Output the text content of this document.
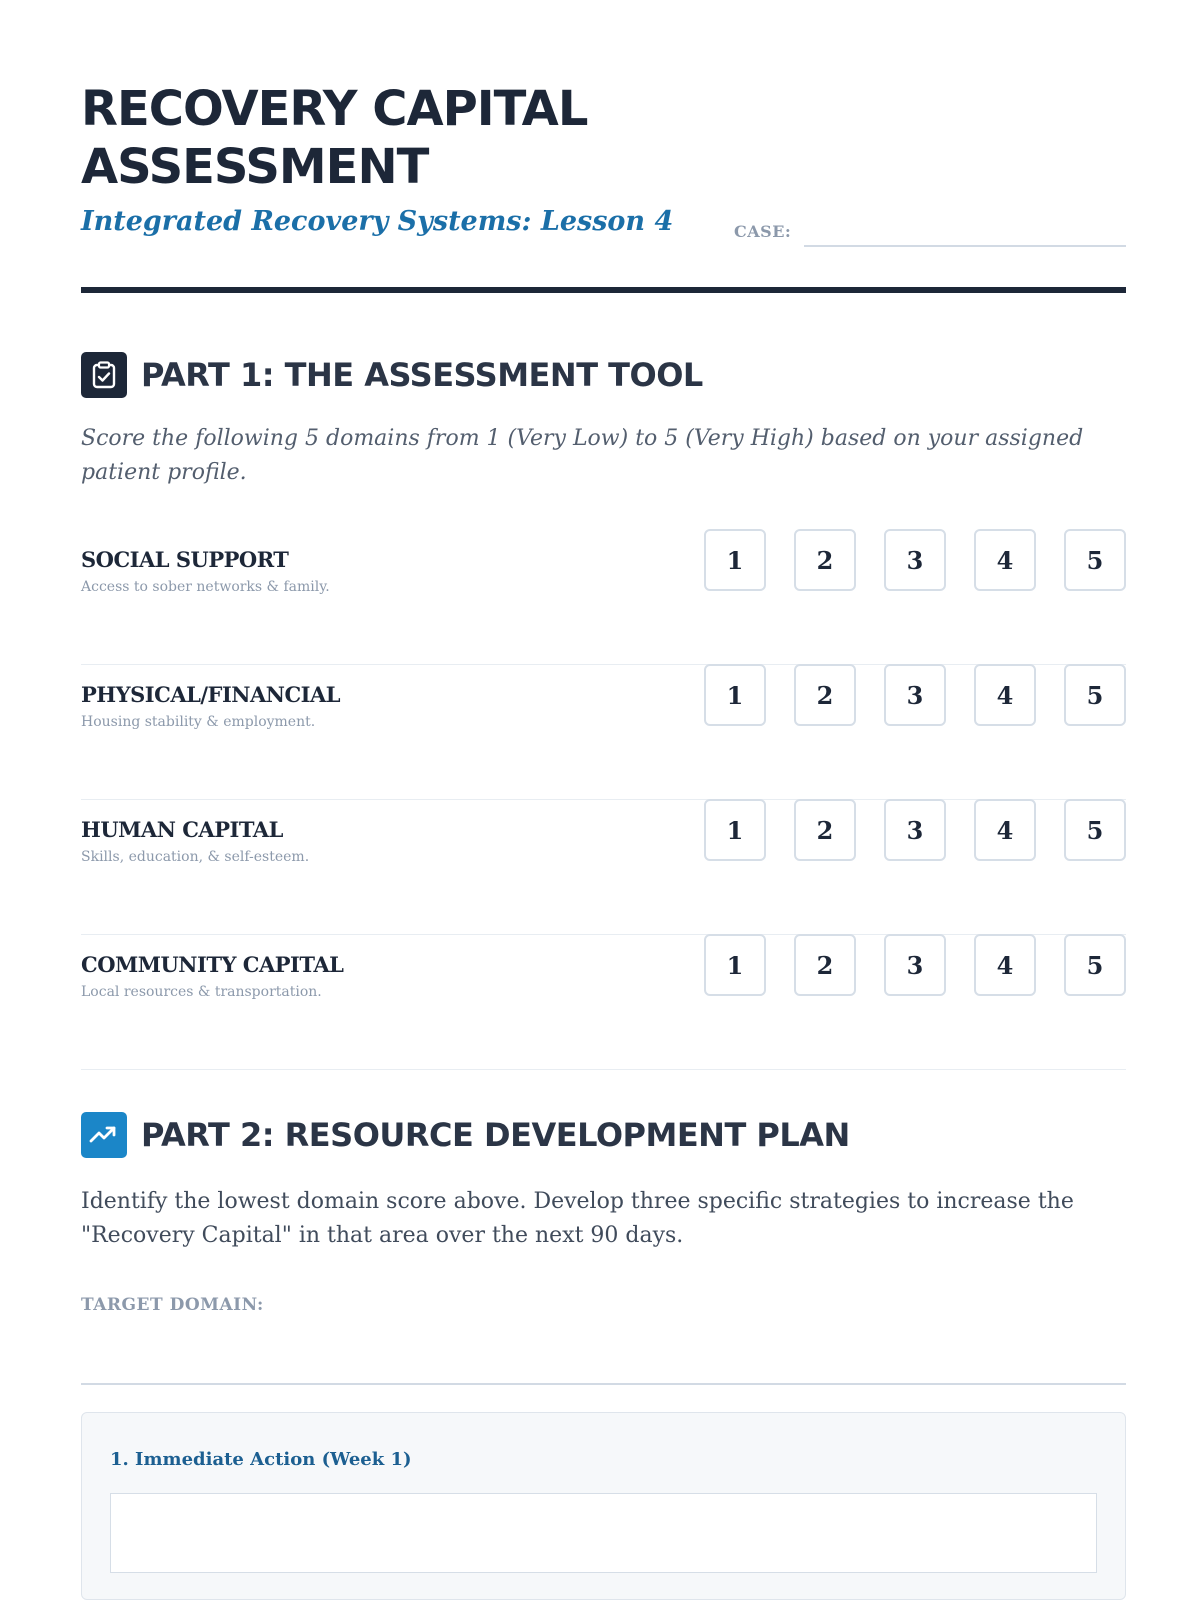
RECOVERY CAPITAL
ASSESSMENT
Integrated Recovery Systems: Lesson 4	CASE:
PART 1: THE ASSESSMENT TOOL
Score the following 5 domains from 1 (Very Low) to 5 (Very High) based on your assigned patient profile.
SOCIAL SUPPORT
Access to sober networks & family.
1	2	3	4	5
PHYSICAL/FINANCIAL
Housing stability & employment.
1	2	3	4	5
HUMAN CAPITAL
Skills, education, & self-esteem.
1	2	3	4	5
COMMUNITY CAPITAL
Local resources & transportation.
1	2	3	4	5
PART 2: RESOURCE DEVELOPMENT PLAN
Identify the lowest domain score above. Develop three specific strategies to increase the "Recovery Capital" in that area over the next 90 days.
TARGET DOMAIN:
1. Immediate Action (Week 1)
